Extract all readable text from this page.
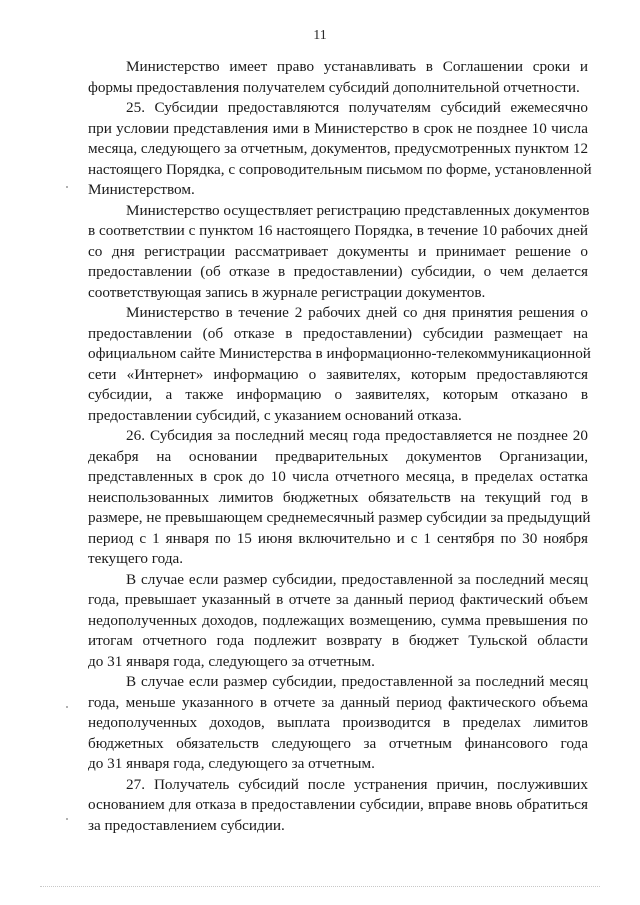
11
Министерство имеет право устанавливать в Соглашении сроки и
формы предоставления получателем субсидий дополнительной отчетности.
25. Субсидии предоставляются получателям субсидий ежемесячно
при условии представления ими в Министерство в срок не позднее 10 числа
месяца, следующего за отчетным, документов, предусмотренных пунктом 12
настоящего Порядка, с сопроводительным письмом по форме, установленной
Министерством.
Министерство осуществляет регистрацию представленных документов
в соответствии с пунктом 16 настоящего Порядка, в течение 10 рабочих дней
со дня регистрации рассматривает документы и принимает решение о
предоставлении (об отказе в предоставлении) субсидии, о чем делается
соответствующая запись в журнале регистрации документов.
Министерство в течение 2 рабочих дней со дня принятия решения о
предоставлении (об отказе в предоставлении) субсидии размещает на
официальном сайте Министерства в информационно-телекоммуникационной
сети «Интернет» информацию о заявителях, которым предоставляются
субсидии, а также информацию о заявителях, которым отказано в
предоставлении субсидий, с указанием оснований отказа.
26. Субсидия за последний месяц года предоставляется не позднее 20
декабря на основании предварительных документов Организации,
представленных в срок до 10 числа отчетного месяца, в пределах остатка
неиспользованных лимитов бюджетных обязательств на текущий год в
размере, не превышающем среднемесячный размер субсидии за предыдущий
период с 1 января по 15 июня включительно и с 1 сентября по 30 ноября
текущего года.
В случае если размер субсидии, предоставленной за последний месяц
года, превышает указанный в отчете за данный период фактический объем
недополученных доходов, подлежащих возмещению, сумма превышения по
итогам отчетного года подлежит возврату в бюджет Тульской области
до 31 января года, следующего за отчетным.
В случае если размер субсидии, предоставленной за последний месяц
года, меньше указанного в отчете за данный период фактического объема
недополученных доходов, выплата производится в пределах лимитов
бюджетных обязательств следующего за отчетным финансового года
до 31 января года, следующего за отчетным.
27. Получатель субсидий после устранения причин, послуживших
основанием для отказа в предоставлении субсидии, вправе вновь обратиться
за предоставлением субсидии.
